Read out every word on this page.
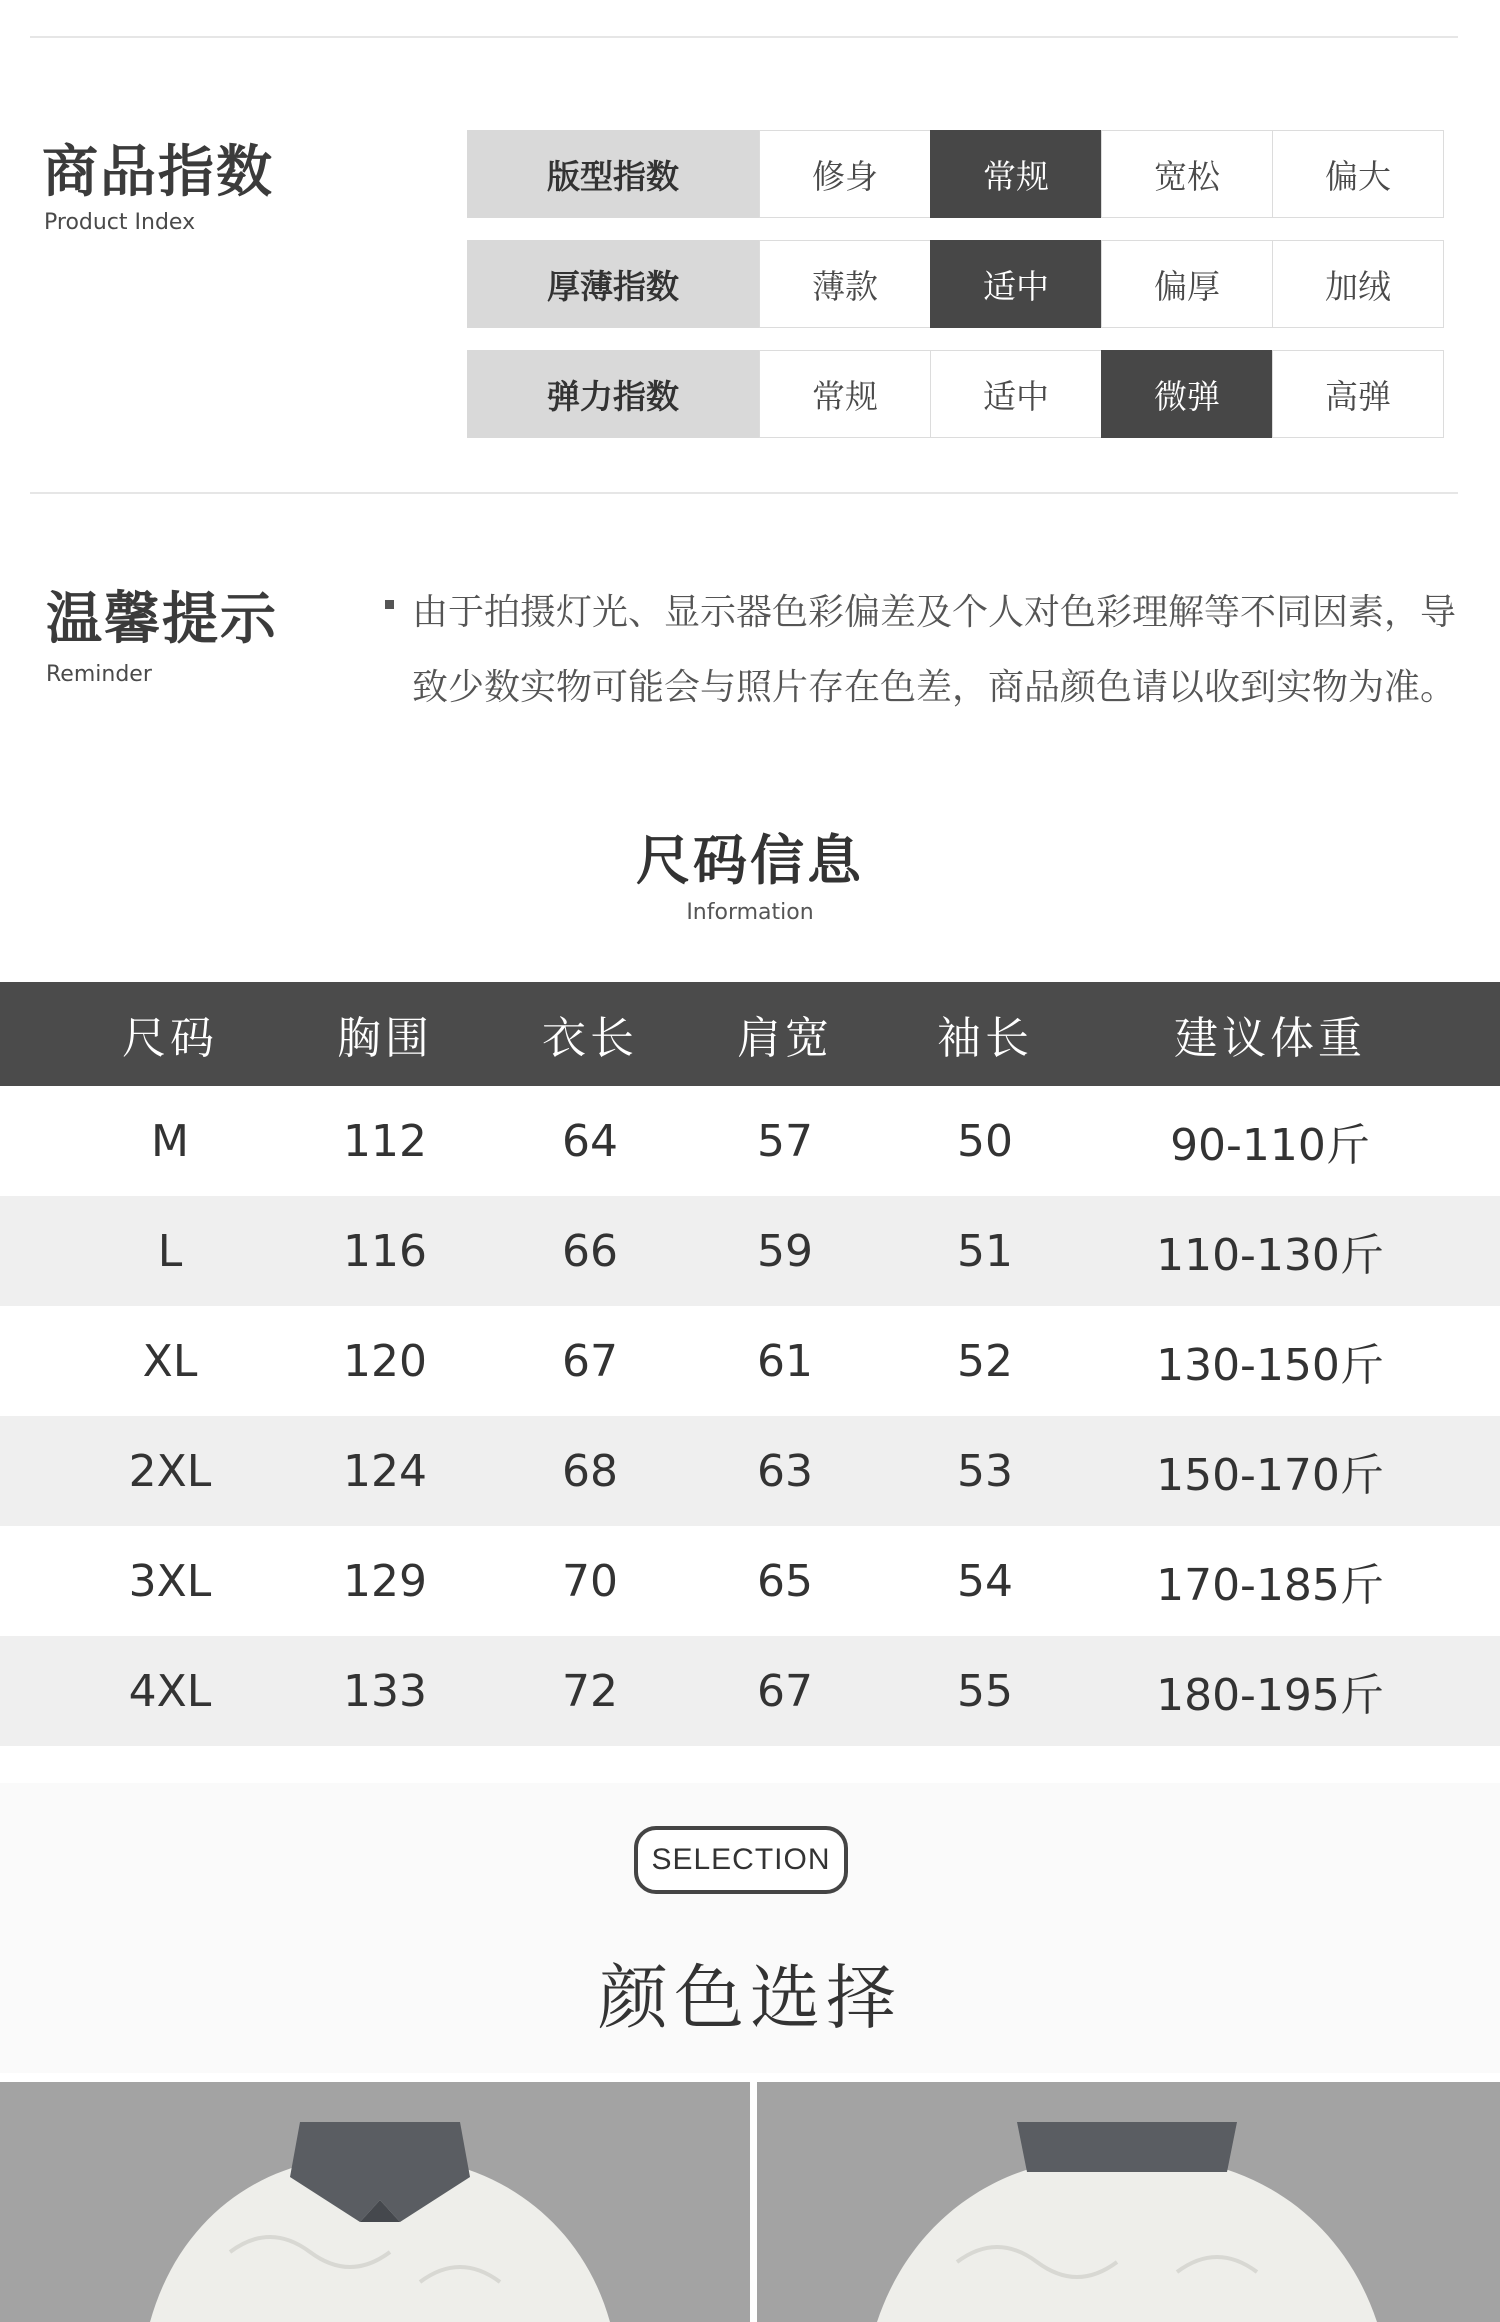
商品指数
Product Index
版型指数	修身	常规	宽松	偏大
厚薄指数	薄款	适中	偏厚	加绒
弹力指数	常规	适中	微弹	高弹
温馨提示
Reminder
由于拍摄灯光、显示器色彩偏差及个人对色彩理解等不同因素，导致少数实物可能会与照片存在色差，商品颜色请以收到实物为准。
尺码信息
Information
尺码	胸围	衣长	肩宽	袖长	建议体重
M	112	64	57	50	90-110斤
L	116	66	59	51	110-130斤
XL	120	67	61	52	130-150斤
2XL	124	68	63	53	150-170斤
3XL	129	70	65	54	170-185斤
4XL	133	72	67	55	180-195斤
SELECTION
颜色选择
